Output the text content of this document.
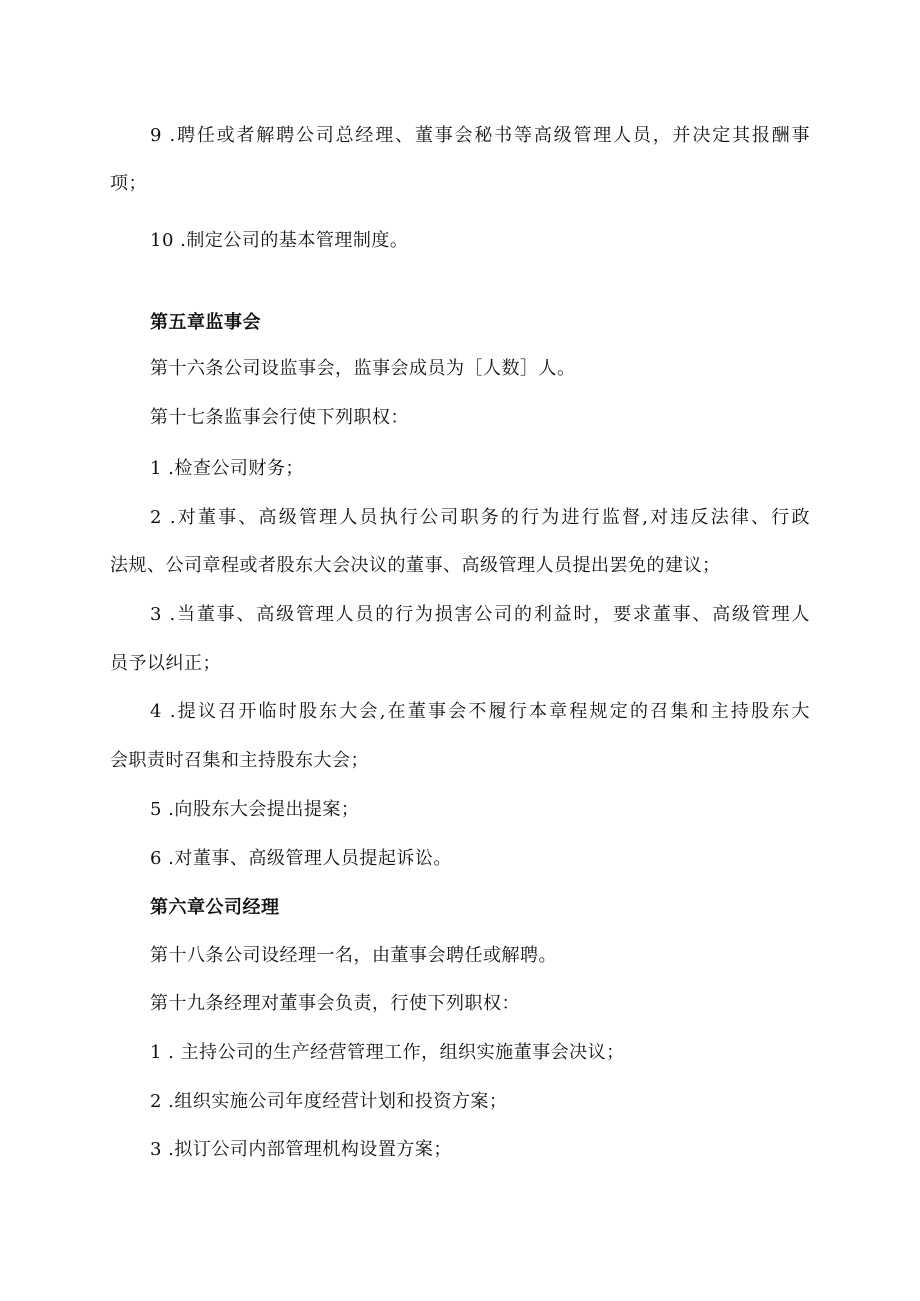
9 .聘任或者解聘公司总经理、董事会秘书等高级管理人员，并决定其报酬事
项；
10 .制定公司的基本管理制度。
第五章监事会
第十六条公司设监事会，监事会成员为［人数］人。
第十七条监事会行使下列职权：
1 .检查公司财务；
2 .对董事、高级管理人员执行公司职务的行为进行监督,对违反法律、行政
法规、公司章程或者股东大会决议的董事、高级管理人员提出罢免的建议；
3 .当董事、高级管理人员的行为损害公司的利益时，要求董事、高级管理人
员予以纠正；
4 .提议召开临时股东大会,在董事会不履行本章程规定的召集和主持股东大
会职责时召集和主持股东大会；
5 .向股东大会提出提案；
6 .对董事、高级管理人员提起诉讼。
第六章公司经理
第十八条公司设经理一名，由董事会聘任或解聘。
第十九条经理对董事会负责，行使下列职权：
1 . 主持公司的生产经营管理工作，组织实施董事会决议；
2 .组织实施公司年度经营计划和投资方案；
3 .拟订公司内部管理机构设置方案；
